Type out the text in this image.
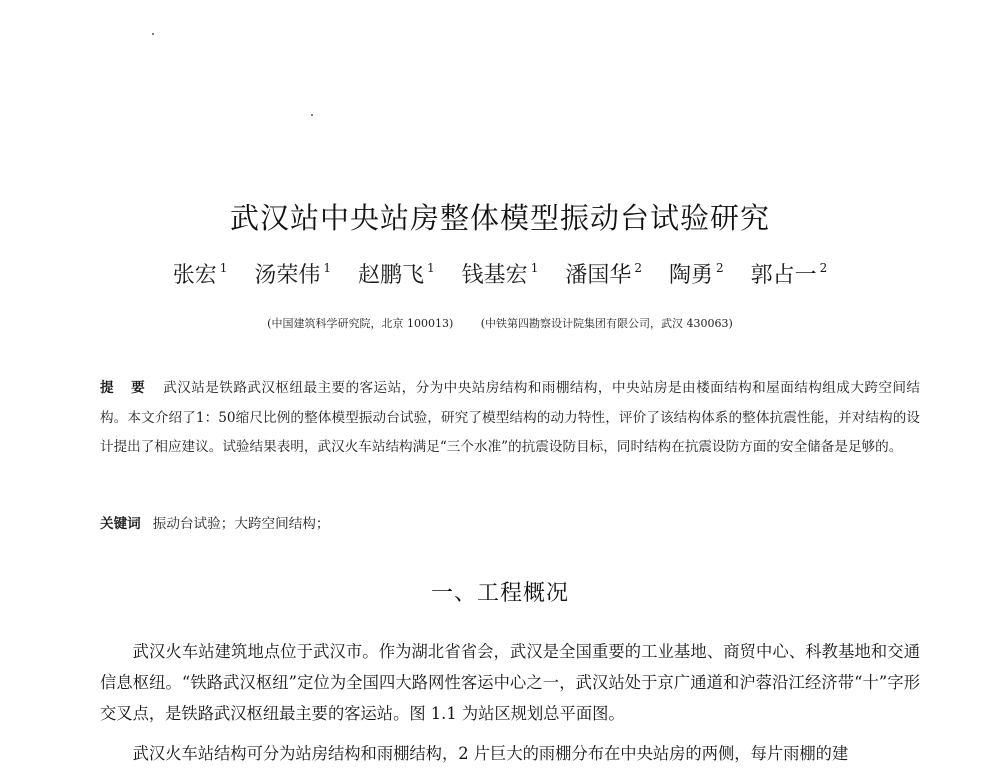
武汉站中央站房整体模型振动台试验研究
张宏 $^1$ 汤荣伟 $^1$ 赵鹏飞 $^1$ 钱基宏 $^1$ 潘国华 $^2$ 陶勇 $^2$ 郭占一 $^2$
(中国建筑科学研究院，北京 100013)	(中铁第四勘察设计院集团有限公司，武汉 430063)
提 要 武汉站是铁路武汉枢纽最主要的客运站，分为中央站房结构和雨棚结构，中央站房是由楼面结构和屋面结构组成大跨空间结构。本文介绍了1：50缩尺比例的整体模型振动台试验，研究了模型结构的动力特性，评价了该结构体系的整体抗震性能，并对结构的设计提出了相应建议。试验结果表明，武汉火车站结构满足“三个水准”的抗震设防目标，同时结构在抗震设防方面的安全储备是足够的。
关键词 振动台试验；大跨空间结构；
一、工程概况

武汉火车站建筑地点位于武汉市。作为湖北省省会，武汉是全国重要的工业基地、商贸中心、科教基地和交通信息枢纽。“铁路武汉枢纽”定位为全国四大路网性客运中心之一，武汉站处于京广通道和沪蓉沿江经济带“十”字形交叉点，是铁路武汉枢纽最主要的客运站。图 1.1 为站区规划总平面图。

武汉火车站结构可分为站房结构和雨棚结构，2 片巨大的雨棚分布在中央站房的两侧，每片雨棚的建
